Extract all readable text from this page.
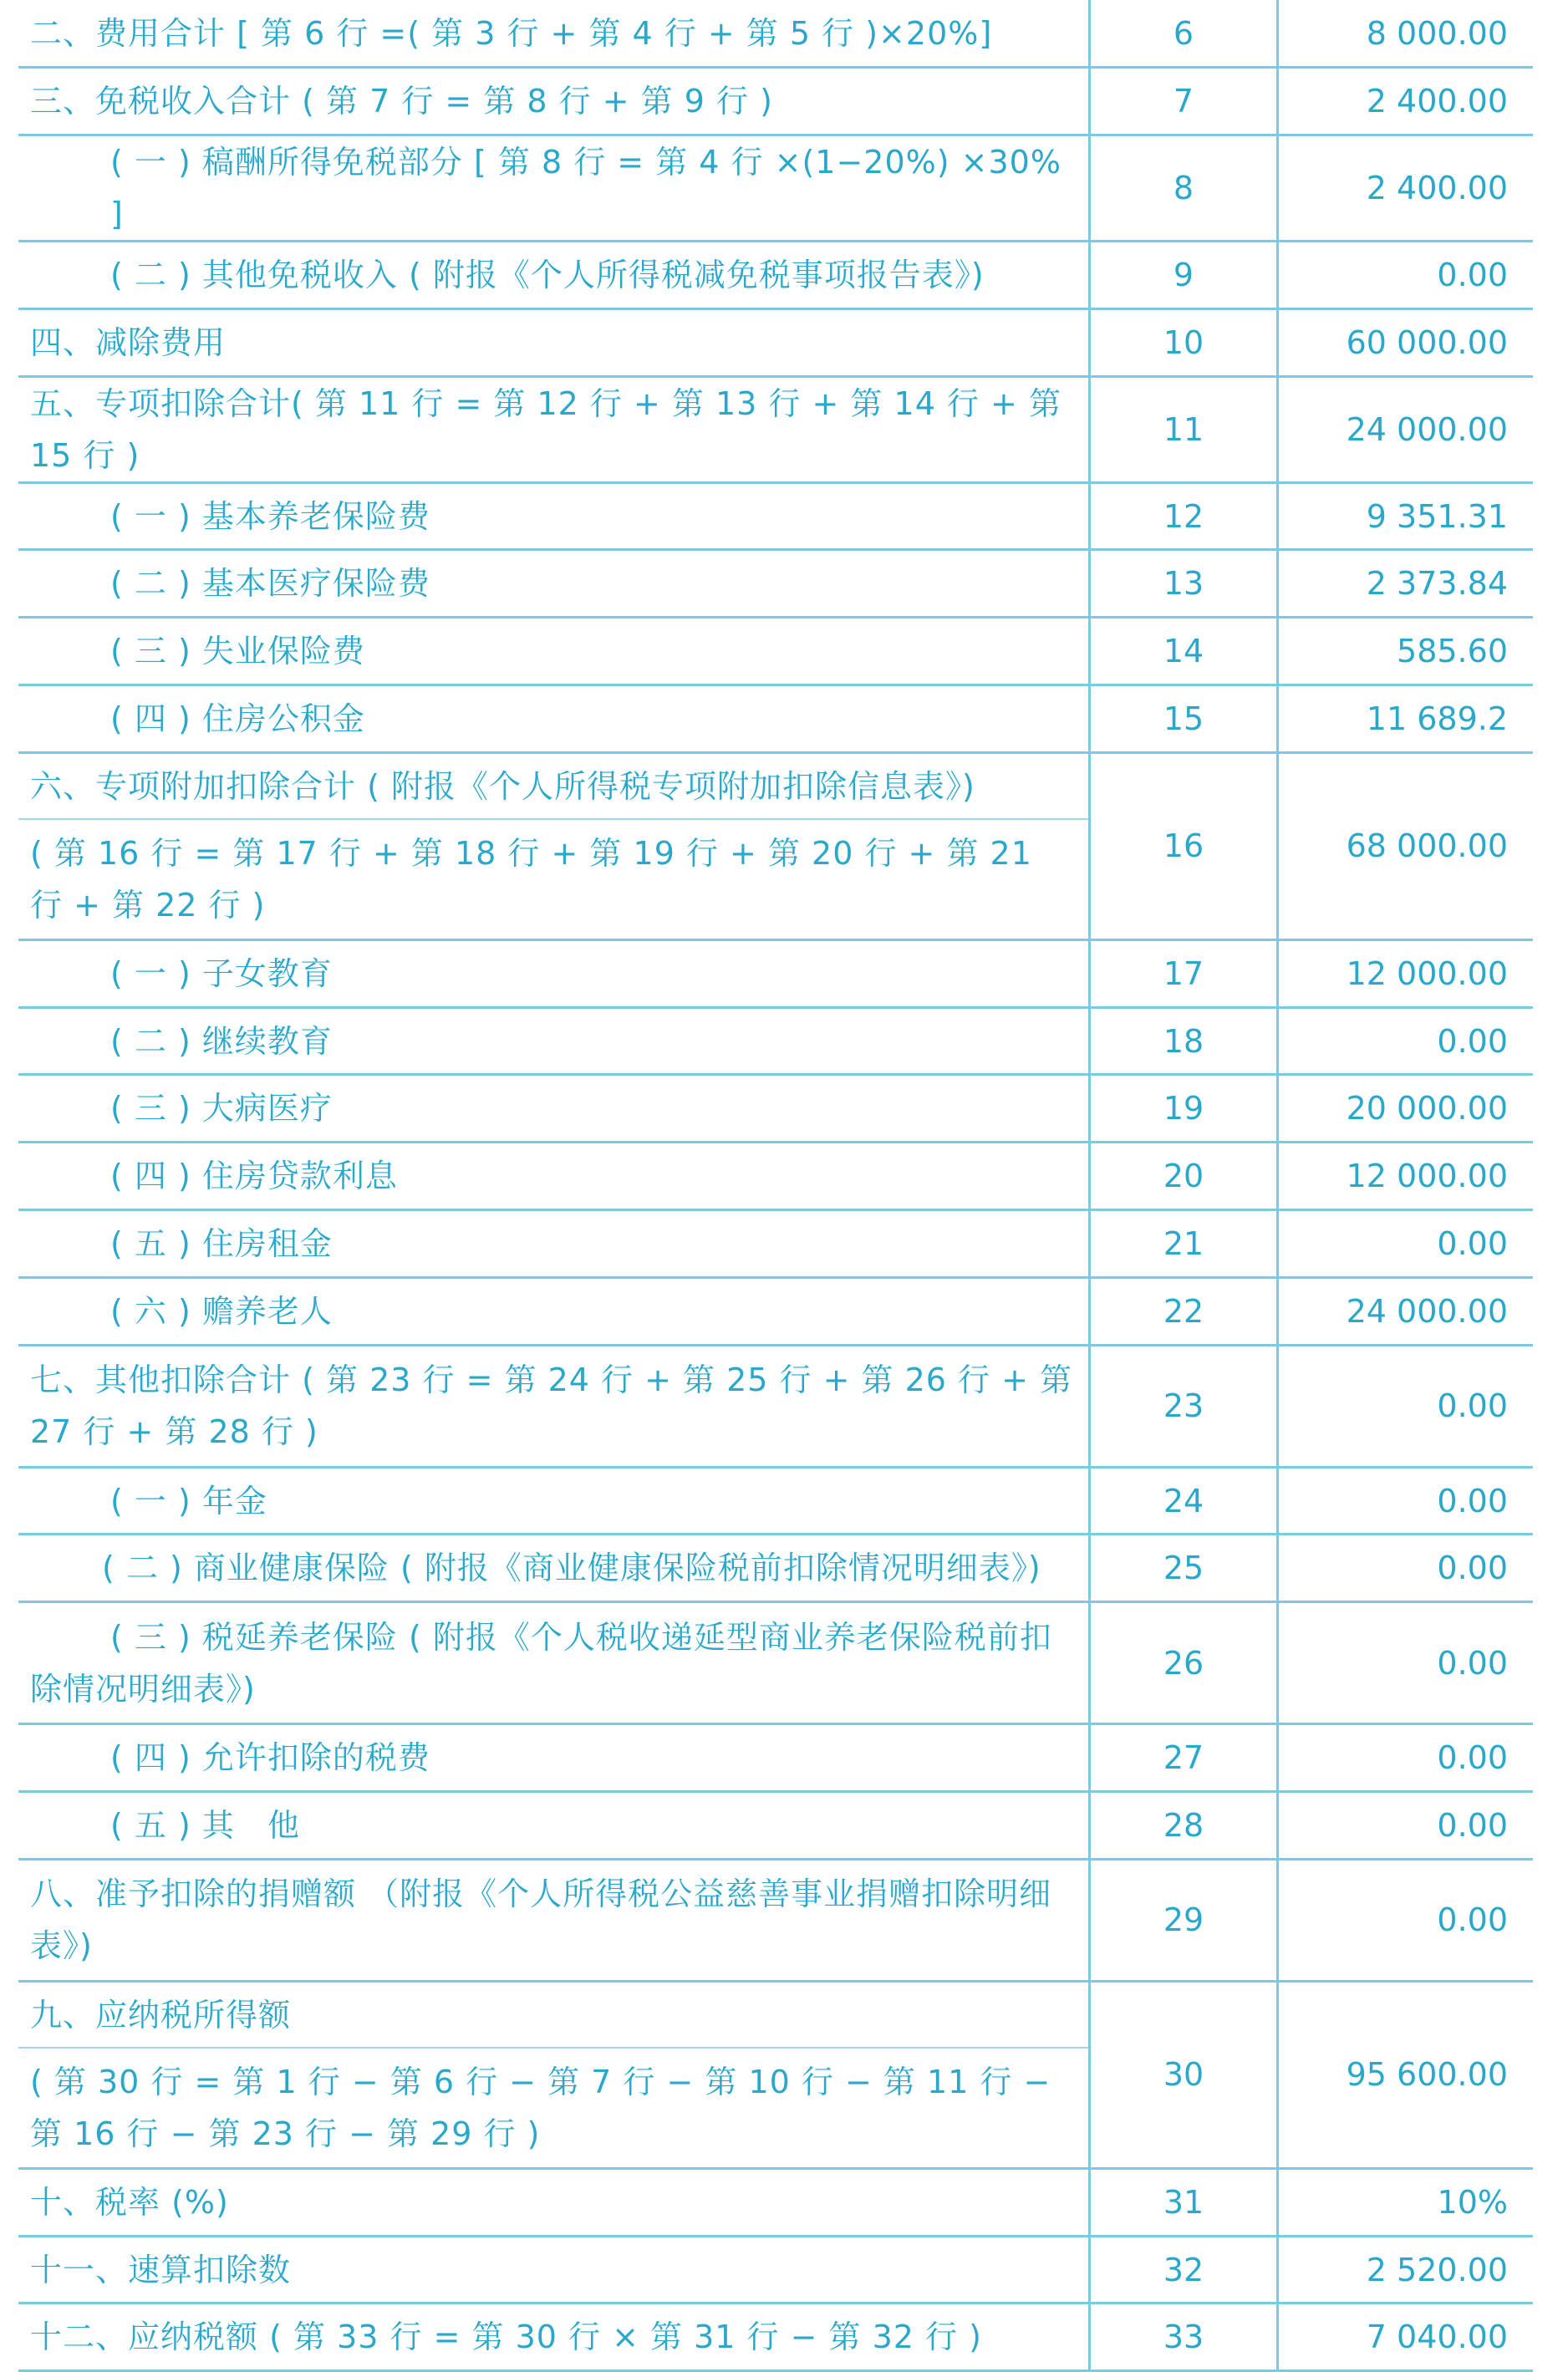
二、费用合计 [ 第 6 行 =( 第 3 行 + 第 4 行 + 第 5 行 )×20%]	6	8 000.00
三、免税收入合计 ( 第 7 行 = 第 8 行 + 第 9 行 )	7	2 400.00
( 一 ) 稿酬所得免税部分 [ 第 8 行 = 第 4 行 ×(1−20%) ×30% ]	8	2 400.00
( 二 ) 其他免税收入 ( 附报《个人所得税减免税事项报告表》)	9	0.00
四、减除费用	10	60 000.00
五、专项扣除合计( 第 11 行 = 第 12 行 + 第 13 行 + 第 14 行 + 第 15 行 )	11	24 000.00
( 一 ) 基本养老保险费	12	9 351.31
( 二 ) 基本医疗保险费	13	2 373.84
( 三 ) 失业保险费	14	585.60
( 四 ) 住房公积金	15	11 689.2
六、专项附加扣除合计 ( 附报《个人所得税专项附加扣除信息表》)	16	68 000.00
( 第 16 行 = 第 17 行 + 第 18 行 + 第 19 行 + 第 20 行 + 第 21 行 + 第 22 行 )		
( 一 ) 子女教育	17	12 000.00
( 二 ) 继续教育	18	0.00
( 三 ) 大病医疗	19	20 000.00
( 四 ) 住房贷款利息	20	12 000.00
( 五 ) 住房租金	21	0.00
( 六 ) 赡养老人	22	24 000.00
七、其他扣除合计 ( 第 23 行 = 第 24 行 + 第 25 行 + 第 26 行 + 第 27 行 + 第 28 行 )	23	0.00
( 一 ) 年金	24	0.00
( 二 ) 商业健康保险 ( 附报《商业健康保险税前扣除情况明细表》)	25	0.00
( 三 ) 税延养老保险 ( 附报《个人税收递延型商业养老保险税前扣除情况明细表》)	26	0.00
( 四 ) 允许扣除的税费	27	0.00
( 五 ) 其　他	28	0.00
八、准予扣除的捐赠额 （附报《个人所得税公益慈善事业捐赠扣除明细表》)	29	0.00
九、应纳税所得额	30	95 600.00
( 第 30 行 = 第 1 行 − 第 6 行 − 第 7 行 − 第 10 行 − 第 11 行 − 第 16 行 − 第 23 行 − 第 29 行 )		
十、税率 (%)	31	10%
十一、速算扣除数	32	2 520.00
十二、应纳税额 ( 第 33 行 = 第 30 行 × 第 31 行 − 第 32 行 )	33	7 040.00
